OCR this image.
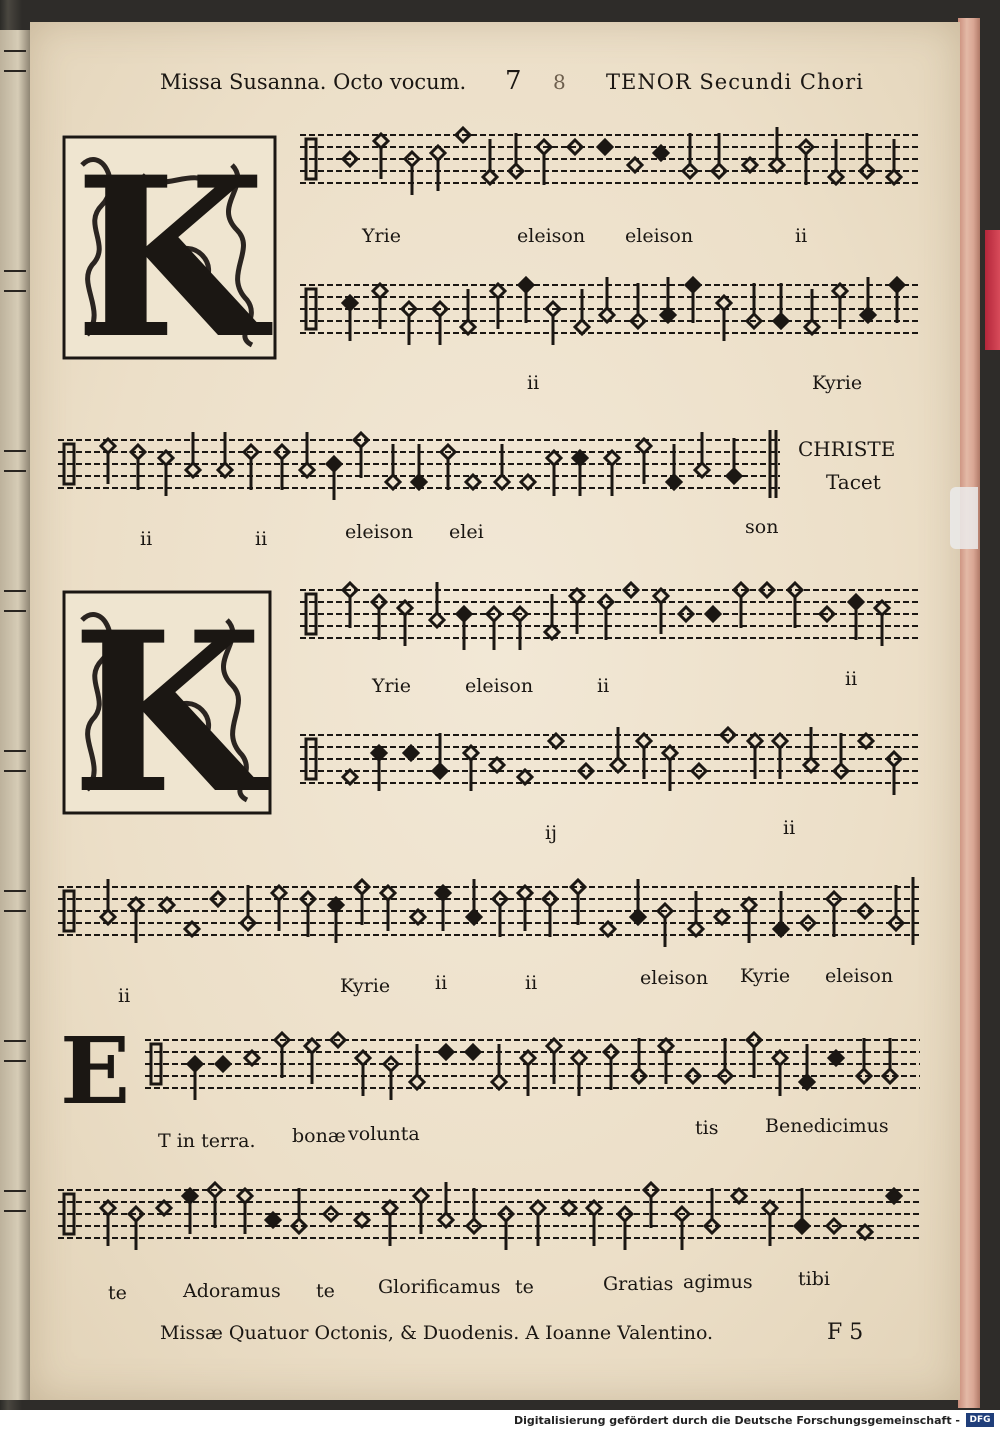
Missa Susanna. Octo vocum. 7 8 TENOR Secundi Chori
K
K
E
Yrie	eleison eleison	ii
ii	Kyrie
CHRISTE
Tacet
ii	ii	eleison elei	son
Yrie	eleison	ii	ii
ij	ii
ii	Kyrie ii	ii	eleison Kyrie eleison
T in terra. bonæ volunta	tis Benedicimus
te	Adoramus te Glorificamus te	Gratias agimus tibi
Missæ Quatuor Octonis, & Duodenis. A Ioanne Valentino.	F 5
Digitalisierung gefördert durch die Deutsche Forschungsgemeinschaft -	DFG
